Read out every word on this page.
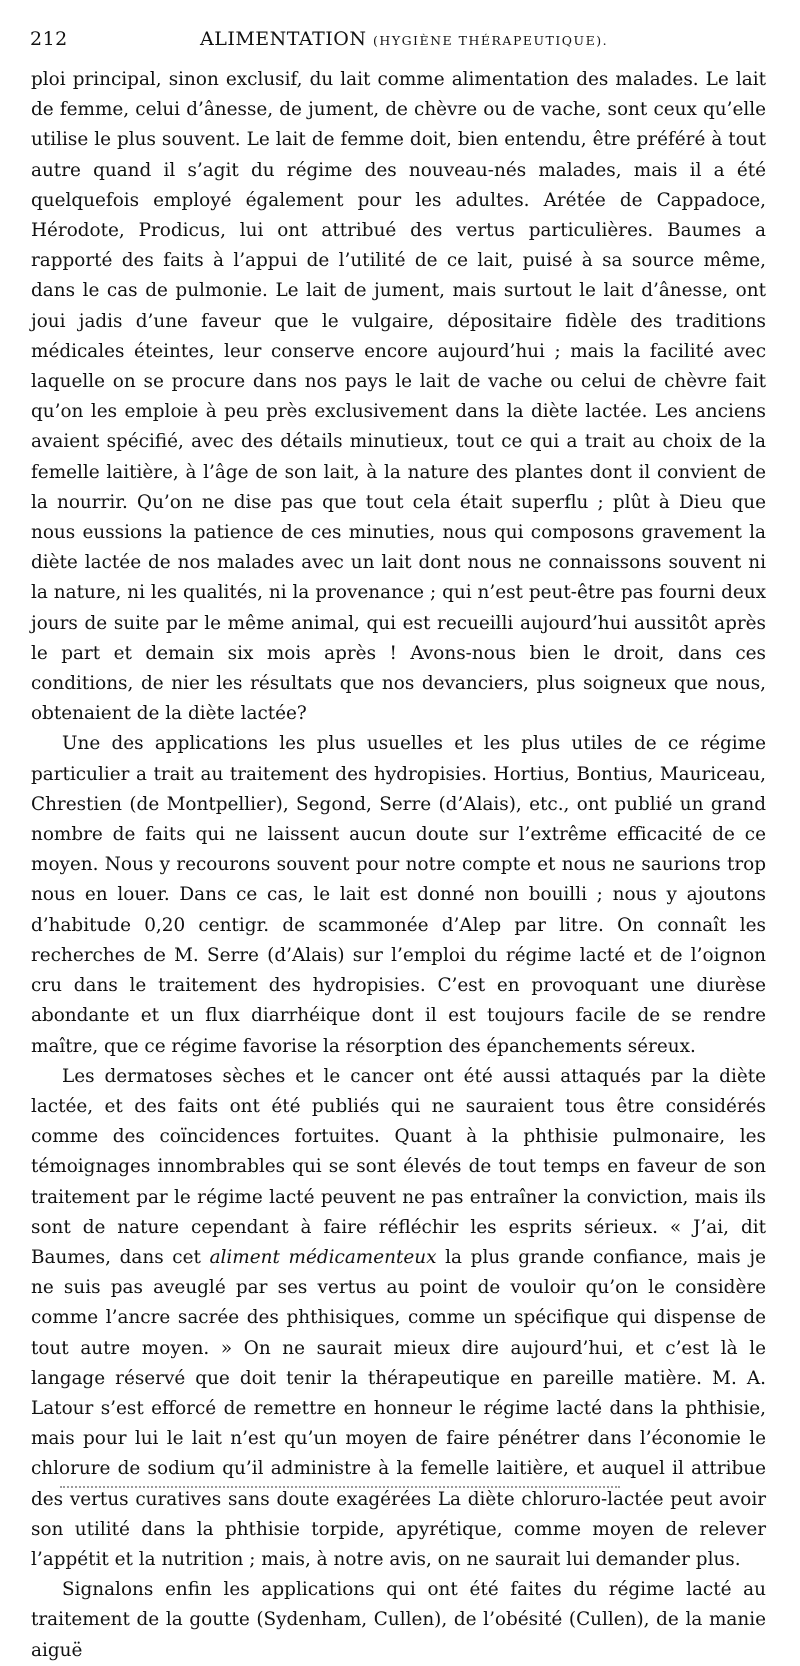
212	ALIMENTATION (HYGIÈNE THÉRAPEUTIQUE).

ploi principal, sinon exclusif, du lait comme alimentation des malades. Le lait de femme, celui d’ânesse, de jument, de chèvre ou de vache, sont ceux qu’elle utilise le plus souvent. Le lait de femme doit, bien entendu, être préféré à tout autre quand il s’agit du régime des nouveau-nés malades, mais il a été quelquefois employé également pour les adultes. Arétée de Cappadoce, Hérodote, Prodicus, lui ont attribué des vertus particulières. Baumes a rapporté des faits à l’appui de l’utilité de ce lait, puisé à sa source même, dans le cas de pulmonie. Le lait de jument, mais surtout le lait d’ânesse, ont joui jadis d’une faveur que le vulgaire, dépositaire fidèle des traditions médicales éteintes, leur conserve encore aujourd’hui ; mais la facilité avec laquelle on se procure dans nos pays le lait de vache ou celui de chèvre fait qu’on les emploie à peu près exclusivement dans la diète lactée. Les anciens avaient spécifié, avec des détails minutieux, tout ce qui a trait au choix de la femelle laitière, à l’âge de son lait, à la nature des plantes dont il convient de la nourrir. Qu’on ne dise pas que tout cela était superflu ; plût à Dieu que nous eussions la patience de ces minuties, nous qui composons gravement la diète lactée de nos malades avec un lait dont nous ne connaissons souvent ni la nature, ni les qualités, ni la provenance ; qui n’est peut-être pas fourni deux jours de suite par le même animal, qui est recueilli aujourd’hui aussitôt après le part et demain six mois après ! Avons-nous bien le droit, dans ces conditions, de nier les résultats que nos devanciers, plus soigneux que nous, obtenaient de la diète lactée?

Une des applications les plus usuelles et les plus utiles de ce régime particulier a trait au traitement des hydropisies. Hortius, Bontius, Mauriceau, Chrestien (de Montpellier), Segond, Serre (d’Alais), etc., ont publié un grand nombre de faits qui ne laissent aucun doute sur l’extrême efficacité de ce moyen. Nous y recourons souvent pour notre compte et nous ne saurions trop nous en louer. Dans ce cas, le lait est donné non bouilli ; nous y ajoutons d’habitude 0,20 centigr. de scammonée d’Alep par litre. On connaît les recherches de M. Serre (d’Alais) sur l’emploi du régime lacté et de l’oignon cru dans le traitement des hydropisies. C’est en provoquant une diurèse abondante et un flux diarrhéique dont il est toujours facile de se rendre maître, que ce régime favorise la résorption des épanchements séreux.

Les dermatoses sèches et le cancer ont été aussi attaqués par la diète lactée, et des faits ont été publiés qui ne sauraient tous être considérés comme des coïncidences fortuites. Quant à la phthisie pulmonaire, les témoignages innombrables qui se sont élevés de tout temps en faveur de son traitement par le régime lacté peuvent ne pas entraîner la conviction, mais ils sont de nature cependant à faire réfléchir les esprits sérieux. « J’ai, dit Baumes, dans cet aliment médicamenteux la plus grande confiance, mais je ne suis pas aveuglé par ses vertus au point de vouloir qu’on le considère comme l’ancre sacrée des phthisiques, comme un spécifique qui dispense de tout autre moyen. » On ne saurait mieux dire aujourd’hui, et c’est là le langage réservé que doit tenir la thérapeutique en pareille matière. M. A. Latour s’est efforcé de remettre en honneur le régime lacté dans la phthisie, mais pour lui le lait n’est qu’un moyen de faire pénétrer dans l’économie le chlorure de sodium qu’il administre à la femelle laitière, et auquel il attribue des vertus curatives sans doute exagérées La diète chloruro-lactée peut avoir son utilité dans la phthisie torpide, apyrétique, comme moyen de relever l’appétit et la nutrition ; mais, à notre avis, on ne saurait lui demander plus.

Signalons enfin les applications qui ont été faites du régime lacté au traitement de la goutte (Sydenham, Cullen), de l’obésité (Cullen), de la manie aiguë
